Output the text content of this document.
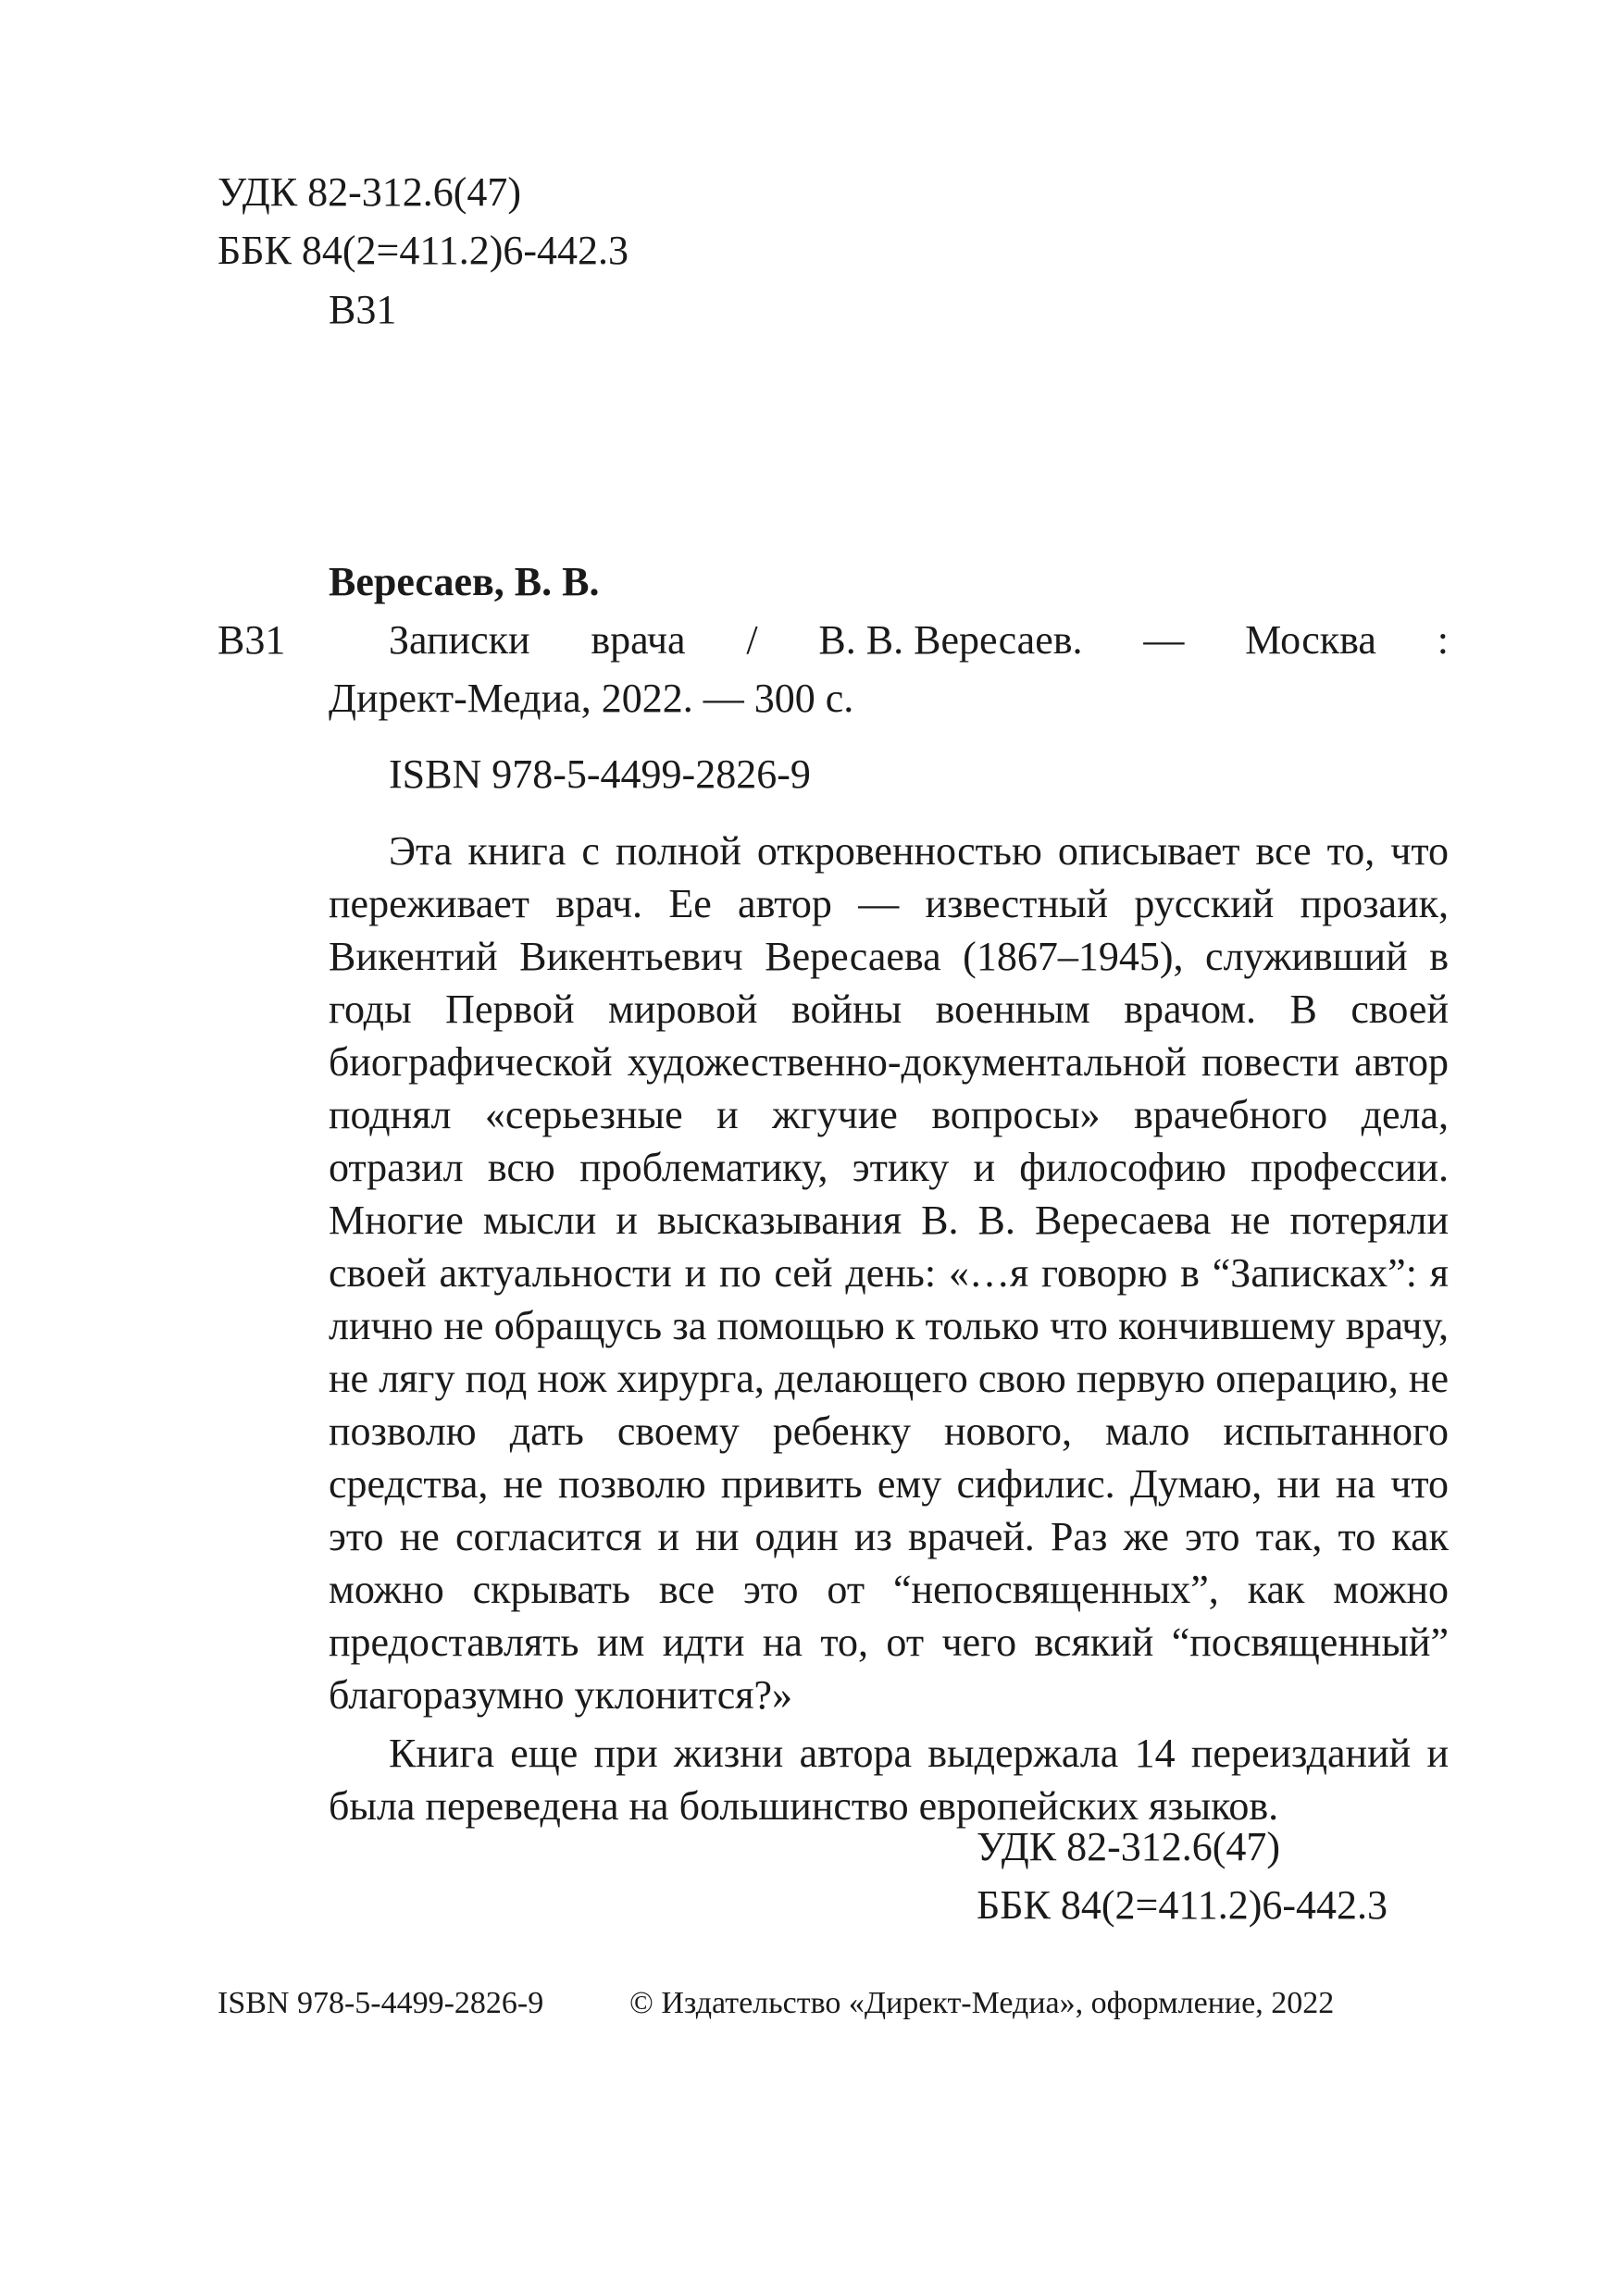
УДК 82-312.6(47)
ББК 84(2=411.2)6-442.3
В31
Вересаев, В. В.
В31	Записки врача / В. В. Вересаев. — Москва :
Директ-Медиа, 2022. — 300 с.
ISBN 978-5-4499-2826-9

Эта книга с полной откровенностью описывает все то, что переживает врач. Ее автор — известный русский прозаик, Викентий Викентьевич Вересаева (1867–1945), служивший в годы Первой мировой войны военным врачом. В своей биографической художественно-документальной повести автор поднял «серьезные и жгучие вопросы» врачебного дела, отразил всю проблематику, этику и философию профессии. Многие мысли и высказывания В. В. Вересаева не потеряли своей актуальности и по сей день: «…я говорю в “Записках”: я лично не обращусь за помощью к только что кончившему врачу, не лягу под нож хирурга, делающего свою первую операцию, не позволю дать своему ребенку нового, мало испытанного средства, не позволю привить ему сифилис. Думаю, ни на что это не согласится и ни один из врачей. Раз же это так, то как можно скрывать все это от “непосвященных”, как можно предоставлять им идти на то, от чего всякий “посвященный” благоразумно уклонится?»

Книга еще при жизни автора выдержала 14 переизданий и была переведена на большинство европейских языков.

УДК 82-312.6(47)
ББК 84(2=411.2)6-442.3
ISBN 978-5-4499-2826-9	© Издательство «Директ-Медиа», оформление, 2022
